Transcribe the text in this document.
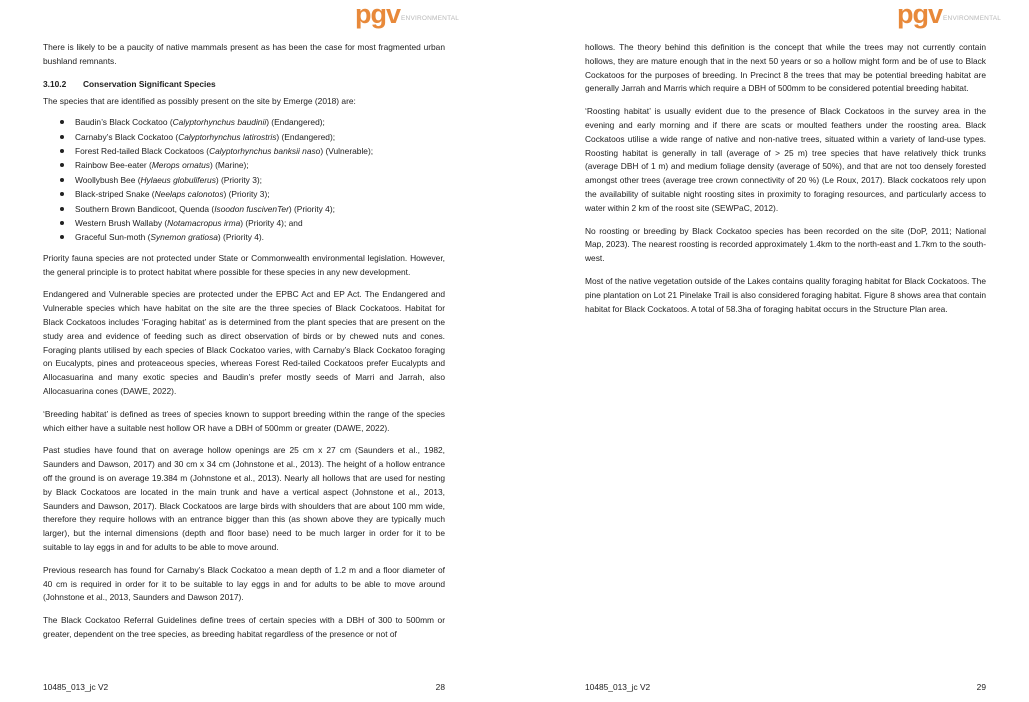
pgv ENVIRONMENTAL

There is likely to be a paucity of native mammals present as has been the case for most fragmented urban bushland remnants.

3.10.2 Conservation Significant Species

The species that are identified as possibly present on the site by Emerge (2018) are:

Baudin’s Black Cockatoo (Calyptorhynchus baudinii) (Endangered);
Carnaby’s Black Cockatoo (Calyptorhynchus latirostris) (Endangered);
Forest Red-tailed Black Cockatoos (Calyptorhynchus banksii naso) (Vulnerable);
Rainbow Bee-eater (Merops ornatus) (Marine);
Woollybush Bee (Hylaeus globuliferus) (Priority 3);
Black-striped Snake (Neelaps calonotos) (Priority 3);
Southern Brown Bandicoot, Quenda (Isoodon fuscivenTer) (Priority 4);
Western Brush Wallaby (Notamacropus irma) (Priority 4); and
Graceful Sun-moth (Synemon gratiosa) (Priority 4).

Priority fauna species are not protected under State or Commonwealth environmental legislation. However, the general principle is to protect habitat where possible for these species in any new development.

Endangered and Vulnerable species are protected under the EPBC Act and EP Act. The Endangered and Vulnerable species which have habitat on the site are the three species of Black Cockatoos. Habitat for Black Cockatoos includes ‘Foraging habitat’ as is determined from the plant species that are present on the study area and evidence of feeding such as direct observation of birds or by chewed nuts and cones. Foraging plants utilised by each species of Black Cockatoo varies, with Carnaby’s Black Cockatoo foraging on Eucalypts, pines and proteaceous species, whereas Forest Red-tailed Cockatoos prefer Eucalypts and Allocasuarina and many exotic species and Baudin’s prefer mostly seeds of Marri and Jarrah, also Allocasuarina cones (DAWE, 2022).

‘Breeding habitat’ is defined as trees of species known to support breeding within the range of the species which either have a suitable nest hollow OR have a DBH of 500mm or greater (DAWE, 2022).

Past studies have found that on average hollow openings are 25 cm x 27 cm (Saunders et al., 1982, Saunders and Dawson, 2017) and 30 cm x 34 cm (Johnstone et al., 2013). The height of a hollow entrance off the ground is on average 19.384 m (Johnstone et al., 2013). Nearly all hollows that are used for nesting by Black Cockatoos are located in the main trunk and have a vertical aspect (Johnstone et al., 2013, Saunders and Dawson, 2017). Black Cockatoos are large birds with shoulders that are about 100 mm wide, therefore they require hollows with an entrance bigger than this (as shown above they are typically much larger), but the internal dimensions (depth and floor base) need to be much larger in order for it to be suitable to lay eggs in and for adults to be able to move around.

Previous research has found for Carnaby’s Black Cockatoo a mean depth of 1.2 m and a floor diameter of 40 cm is required in order for it to be suitable to lay eggs in and for adults to be able to move around (Johnstone et al., 2013, Saunders and Dawson 2017).

The Black Cockatoo Referral Guidelines define trees of certain species with a DBH of 300 to 500mm or greater, dependent on the tree species, as breeding habitat regardless of the presence or not of

10485_013_jc V2	28
pgv ENVIRONMENTAL

hollows. The theory behind this definition is the concept that while the trees may not currently contain hollows, they are mature enough that in the next 50 years or so a hollow might form and be of use to Black Cockatoos for the purposes of breeding. In Precinct 8 the trees that may be potential breeding habitat are generally Jarrah and Marris which require a DBH of 500mm to be considered potential breeding habitat.

‘Roosting habitat’ is usually evident due to the presence of Black Cockatoos in the survey area in the evening and early morning and if there are scats or moulted feathers under the roosting area. Black Cockatoos utilise a wide range of native and non-native trees, situated within a variety of land-use types. Roosting habitat is generally in tall (average of > 25 m) tree species that have relatively thick trunks (average DBH of 1 m) and medium foliage density (average of 50%), and that are not too densely forested amongst other trees (average tree crown connectivity of 20 %) (Le Roux, 2017). Black cockatoos rely upon the availability of suitable night roosting sites in proximity to foraging resources, and particularly access to water within 2 km of the roost site (SEWPaC, 2012).

No roosting or breeding by Black Cockatoo species has been recorded on the site (DoP, 2011; National Map, 2023). The nearest roosting is recorded approximately 1.4km to the north-east and 1.7km to the south-west.

Most of the native vegetation outside of the Lakes contains quality foraging habitat for Black Cockatoos. The pine plantation on Lot 21 Pinelake Trail is also considered foraging habitat. Figure 8 shows area that contain habitat for Black Cockatoos. A total of 58.3ha of foraging habitat occurs in the Structure Plan area.

10485_013_jc V2	29
